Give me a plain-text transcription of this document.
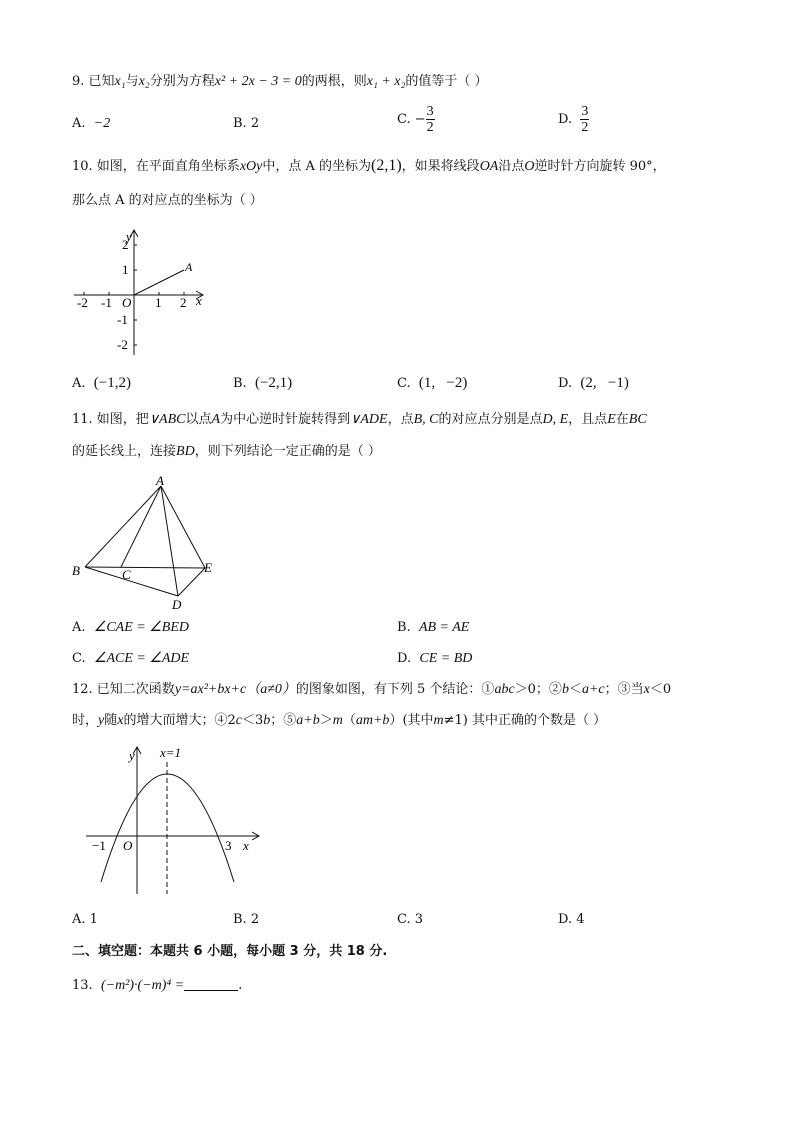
9. 已知x₁与x₂分别为方程x² + 2x − 3 = 0的两根，则x₁ + x₂的值等于（ ）
A. −2	B. 2	C. − $\frac{3}{2}$	D. $\frac{3}{2}$
10. 如图，在平面直角坐标系xOy中，点 A 的坐标为(2,1)，如果将线段OA沿点O逆时针方向旋转 90°，
那么点 A 的对应点的坐标为（ ）
y
x
O
A
-2 -1	1 2
2
1
-1
-2
A. (−1,2)	B. (−2,1)	C. (1,   −2)	D. (2,   −1)
11. 如图，把∨ABC以点A为中心逆时针旋转得到∨ADE，点B, C的对应点分别是点D, E，且点E在BC
的延长线上，连接BD，则下列结论一定正确的是（ ）
A
B	C
D
E
A. ∠CAE = ∠BED	B. AB = AE
C. ∠ACE = ∠ADE	D. CE = BD
12. 已知二次函数y=ax²+bx+c（a≠0）的图象如图，有下列 5 个结论：①abc＞0；②b＜a+c；③当x＜0
时，y随x的增大而增大；④2c＜3b；⑤a+b＞m（am+b）(其中m≠1) 其中正确的个数是（ ）
y
x
x=1
O
−1	3
A. 1	B. 2	C. 3	D. 4
二、填空题：本题共 6 小题，每小题 3 分，共 18 分.
13. (−m²)·(−m)⁴ =	.
